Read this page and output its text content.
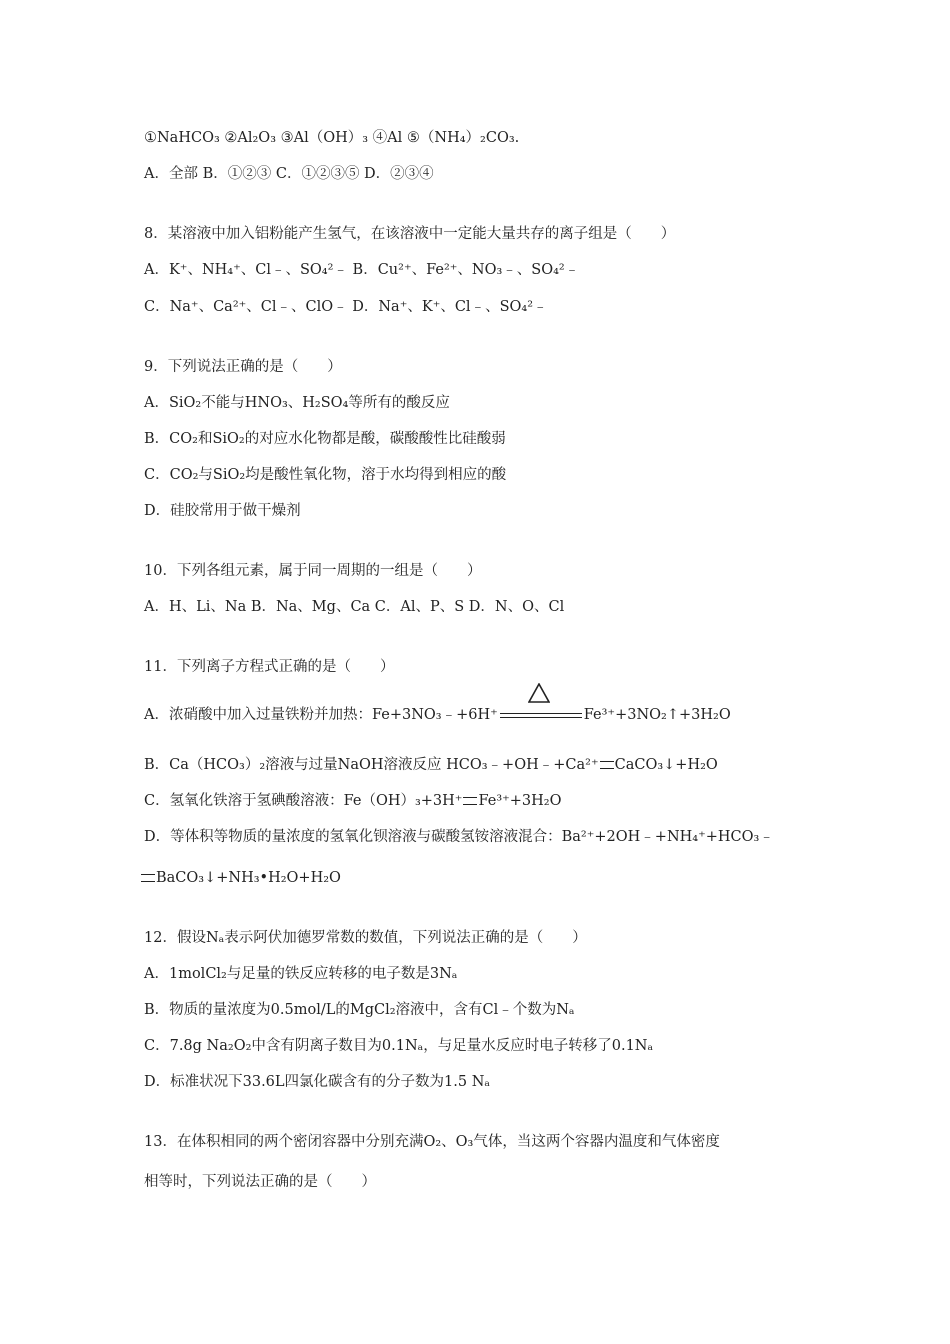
①NaHCO₃ ②Al₂O₃ ③Al（OH）₃ ④Al ⑤（NH₄）₂CO₃.
A．全部 B．①②③ C．①②③⑤ D．②③④
8．某溶液中加入铝粉能产生氢气，在该溶液中一定能大量共存的离子组是（　　）
A．K⁺、NH₄⁺、Cl﹣、SO₄²﹣ B．Cu²⁺、Fe²⁺、NO₃﹣、SO₄²﹣
C．Na⁺、Ca²⁺、Cl﹣、ClO﹣ D．Na⁺、K⁺、Cl﹣、SO₄²﹣
9．下列说法正确的是（　　）
A．SiO₂不能与HNO₃、H₂SO₄等所有的酸反应
B．CO₂和SiO₂的对应水化物都是酸，碳酸酸性比硅酸弱
C．CO₂与SiO₂均是酸性氧化物，溶于水均得到相应的酸
D．硅胶常用于做干燥剂
10．下列各组元素，属于同一周期的一组是（　　）
A．H、Li、Na B．Na、Mg、Ca C．Al、P、S D．N、O、Cl
11．下列离子方程式正确的是（　　）
A．浓硝酸中加入过量铁粉并加热：Fe+3NO₃﹣+6H⁺	Fe³⁺+3NO₂↑+3H₂O
B．Ca（HCO₃）₂溶液与过量NaOH溶液反应 HCO₃﹣+OH﹣+Ca²⁺ CaCO₃↓+H₂O
C．氢氧化铁溶于氢碘酸溶液：Fe（OH）₃+3H⁺ Fe³⁺+3H₂O
D．等体积等物质的量浓度的氢氧化钡溶液与碳酸氢铵溶液混合：Ba²⁺+2OH﹣+NH₄⁺+HCO₃﹣
BaCO₃↓+NH₃•H₂O+H₂O
12．假设Nₐ表示阿伏加德罗常数的数值，下列说法正确的是（　　）
A．1molCl₂与足量的铁反应转移的电子数是3Nₐ
B．物质的量浓度为0.5mol/L的MgCl₂溶液中，含有Cl﹣个数为Nₐ
C．7.8g Na₂O₂中含有阴离子数目为0.1Nₐ，与足量水反应时电子转移了0.1Nₐ
D．标准状况下33.6L四氯化碳含有的分子数为1.5 Nₐ
13．在体积相同的两个密闭容器中分别充满O₂、O₃气体，当这两个容器内温度和气体密度
相等时，下列说法正确的是（　　）
